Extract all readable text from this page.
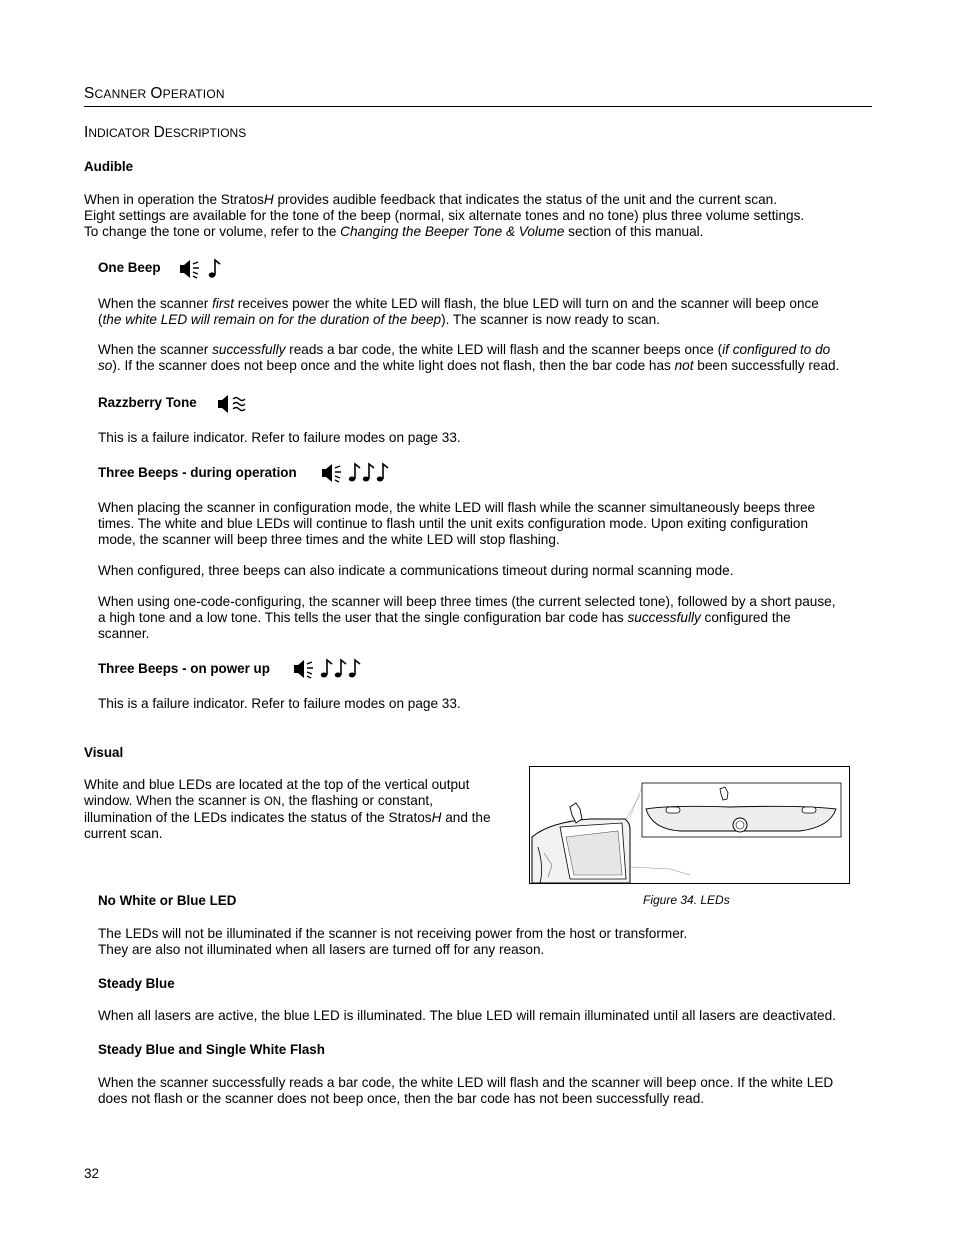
SCANNER OPERATION
INDICATOR DESCRIPTIONS
Audible

When in operation the StratosH provides audible feedback that indicates the status of the unit and the current scan.

Eight settings are available for the tone of the beep (normal, six alternate tones and no tone) plus three volume settings.

To change the tone or volume, refer to the Changing the Beeper Tone & Volume section of this manual.

One Beep

When the scanner first receives power the white LED will flash, the blue LED will turn on and the scanner will beep once

(the white LED will remain on for the duration of the beep). The scanner is now ready to scan.

When the scanner successfully reads a bar code, the white LED will flash and the scanner beeps once (if configured to do

so). If the scanner does not beep once and the white light does not flash, then the bar code has not been successfully read.

Razzberry Tone
This is a failure indicator. Refer to failure modes on page 33.
Three Beeps - during operation

When placing the scanner in configuration mode, the white LED will flash while the scanner simultaneously beeps three

times. The white and blue LEDs will continue to flash until the unit exits configuration mode. Upon exiting configuration

mode, the scanner will beep three times and the white LED will stop flashing.

When configured, three beeps can also indicate a communications timeout during normal scanning mode.

When using one-code-configuring, the scanner will beep three times (the current selected tone), followed by a short pause,

a high tone and a low tone. This tells the user that the single configuration bar code has successfully configured the

scanner.

Three Beeps - on power up
This is a failure indicator. Refer to failure modes on page 33.
Visual

White and blue LEDs are located at the top of the vertical output

window. When the scanner is ON, the flashing or constant,

illumination of the LEDs indicates the status of the StratosH and the

current scan.

Figure 34. LEDs
No White or Blue LED

The LEDs will not be illuminated if the scanner is not receiving power from the host or transformer.

They are also not illuminated when all lasers are turned off for any reason.

Steady Blue
When all lasers are active, the blue LED is illuminated. The blue LED will remain illuminated until all lasers are deactivated.
Steady Blue and Single White Flash

When the scanner successfully reads a bar code, the white LED will flash and the scanner will beep once. If the white LED

does not flash or the scanner does not beep once, then the bar code has not been successfully read.

32
